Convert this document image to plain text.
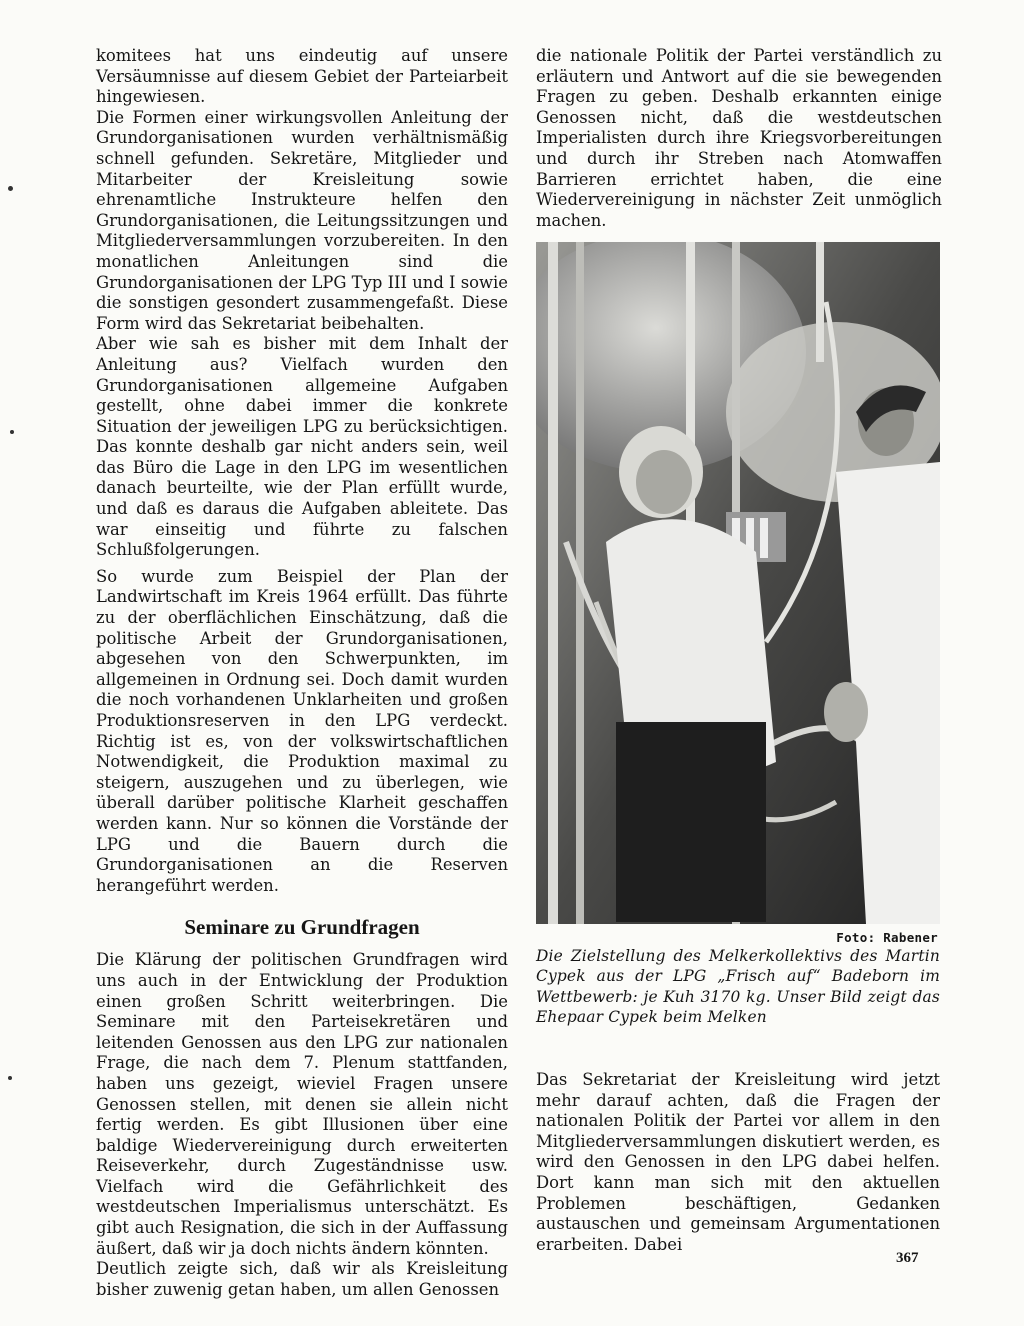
komitees hat uns eindeutig auf unsere Versäumnisse auf diesem Gebiet der Parteiarbeit hingewiesen.

Die Formen einer wirkungsvollen Anleitung der Grundorganisationen wurden verhältnismäßig schnell gefunden. Sekretäre, Mitglieder und Mitarbeiter der Kreisleitung sowie ehrenamtliche Instrukteure helfen den Grundorganisationen, die Leitungssitzungen und Mitgliederversammlungen vorzubereiten. In den monatlichen Anleitungen sind die Grundorganisationen der LPG Typ III und I sowie die sonstigen gesondert zusammengefaßt. Diese Form wird das Sekretariat beibehalten.

Aber wie sah es bisher mit dem Inhalt der Anleitung aus? Vielfach wurden den Grundorganisationen allgemeine Aufgaben gestellt, ohne dabei immer die konkrete Situation der jeweiligen LPG zu berücksichtigen. Das konnte deshalb gar nicht anders sein, weil das Büro die Lage in den LPG im wesentlichen danach beurteilte, wie der Plan erfüllt wurde, und daß es daraus die Aufgaben ableitete. Das war einseitig und führte zu falschen Schlußfolgerungen.

So wurde zum Beispiel der Plan der Landwirtschaft im Kreis 1964 erfüllt. Das führte zu der oberflächlichen Einschätzung, daß die politische Arbeit der Grundorganisationen, abgesehen von den Schwerpunkten, im allgemeinen in Ordnung sei. Doch damit wurden die noch vorhandenen Unklarheiten und großen Produktionsreserven in den LPG verdeckt. Richtig ist es, von der volkswirtschaftlichen Notwendigkeit, die Produktion maximal zu steigern, auszugehen und zu überlegen, wie überall darüber politische Klarheit geschaffen werden kann. Nur so können die Vorstände der LPG und die Bauern durch die Grundorganisationen an die Reserven herangeführt werden.

Seminare zu Grundfragen

Die Klärung der politischen Grundfragen wird uns auch in der Entwicklung der Produktion einen großen Schritt weiterbringen. Die Seminare mit den Parteisekretären und leitenden Genossen aus den LPG zur nationalen Frage, die nach dem 7. Plenum stattfanden, haben uns gezeigt, wieviel Fragen unsere Genossen stellen, mit denen sie allein nicht fertig werden. Es gibt Illusionen über eine baldige Wiedervereinigung durch erweiterten Reiseverkehr, durch Zugeständnisse usw. Vielfach wird die Gefährlichkeit des westdeutschen Imperialismus unterschätzt. Es gibt auch Resignation, die sich in der Auffassung äußert, daß wir ja doch nichts ändern könnten.

Deutlich zeigte sich, daß wir als Kreisleitung bisher zuwenig getan haben, um allen Genossen

die nationale Politik der Partei verständlich zu erläutern und Antwort auf die sie bewegenden Fragen zu geben. Deshalb erkannten einige Genossen nicht, daß die westdeutschen Imperialisten durch ihre Kriegsvorbereitungen und durch ihr Streben nach Atomwaffen Barrieren errichtet haben, die eine Wiedervereinigung in nächster Zeit unmöglich machen.

Foto: Rabener
Die Zielstellung des Melkerkollektivs des Martin Cypek aus der LPG „Frisch auf“ Badeborn im Wettbewerb: je Kuh 3170 kg. Unser Bild zeigt das Ehepaar Cypek beim Melken

Das Sekretariat der Kreisleitung wird jetzt mehr darauf achten, daß die Fragen der nationalen Politik der Partei vor allem in den Mitgliederversammlungen diskutiert werden, es wird den Genossen in den LPG dabei helfen. Dort kann man sich mit den aktuellen Problemen beschäftigen, Gedanken austauschen und gemeinsam Argumentationen erarbeiten. Dabei

367
